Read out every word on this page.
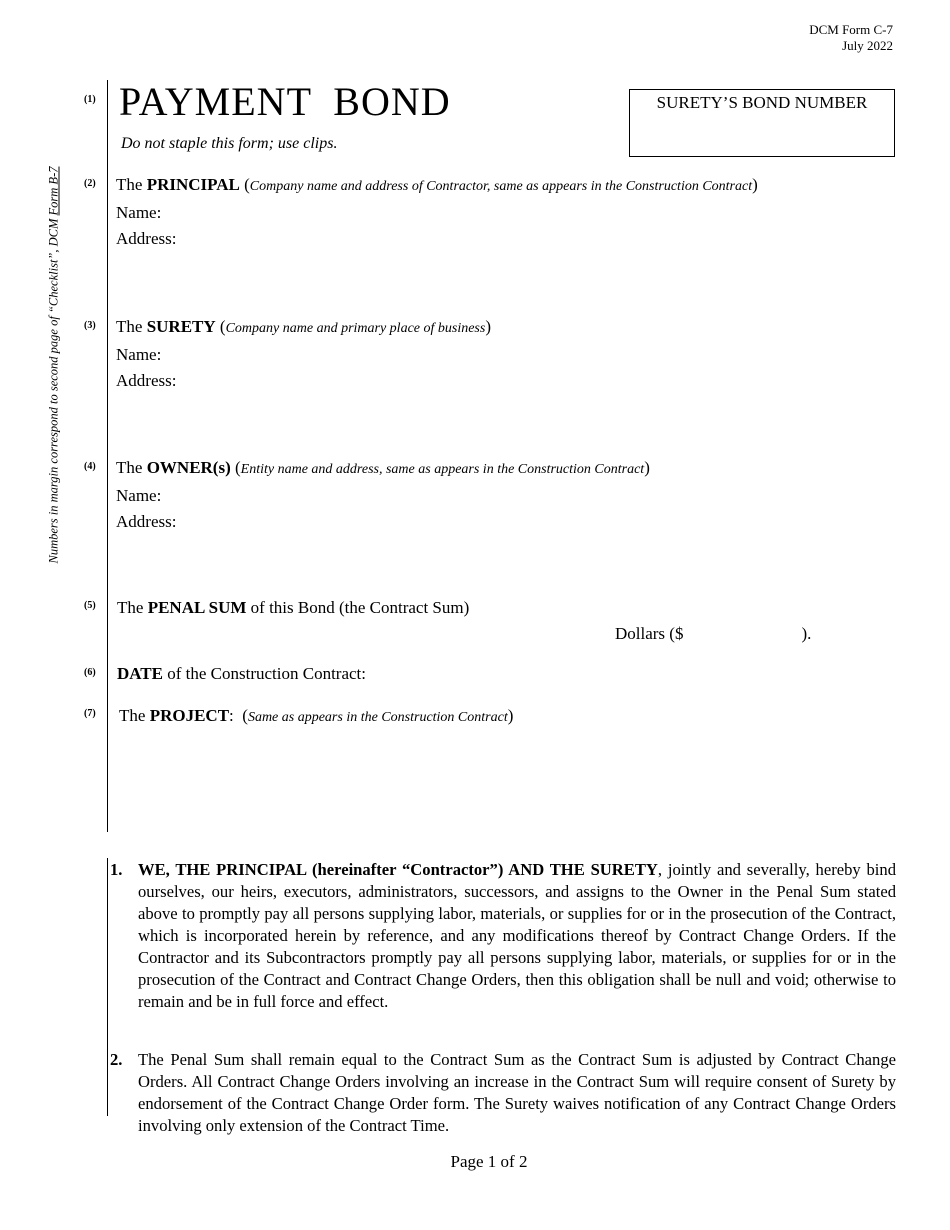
DCM Form C-7
July 2022
Numbers in margin correspond to second page of “Checklist”, DCM Form B-7
(1)
(2)
(3)
(4)
(5)
(6)
(7)
PAYMENT  BOND
Do not staple this form; use clips.
SURETY’S BOND NUMBER
The PRINCIPAL (Company name and address of Contractor, same as appears in the Construction Contract)
Name:
Address:
The SURETY (Company name and primary place of business)
Name:
Address:
The OWNER(s) (Entity name and address, same as appears in the Construction Contract)
Name:
Address:
The PENAL SUM of this Bond (the Contract Sum)
Dollars ($	).
DATE of the Construction Contract:
The PROJECT:  (Same as appears in the Construction Contract)
1. WE, THE PRINCIPAL (hereinafter “Contractor”) AND THE SURETY, jointly and severally, hereby bind ourselves, our heirs, executors, administrators, successors, and assigns to the Owner in the Penal Sum stated above to promptly pay all persons supplying labor, materials, or supplies for or in the prosecution of the Contract, which is incorporated herein by reference, and any modifications thereof by Contract Change Orders. If the Contractor and its Subcontractors promptly pay all persons supplying labor, materials, or supplies for or in the prosecution of the Contract and Contract Change Orders, then this obligation shall be null and void; otherwise to remain and be in full force and effect.
2. The Penal Sum shall remain equal to the Contract Sum as the Contract Sum is adjusted by Contract Change Orders. All Contract Change Orders involving an increase in the Contract Sum will require consent of Surety by endorsement of the Contract Change Order form. The Surety waives notification of any Contract Change Orders involving only extension of the Contract Time.
Page 1 of 2
